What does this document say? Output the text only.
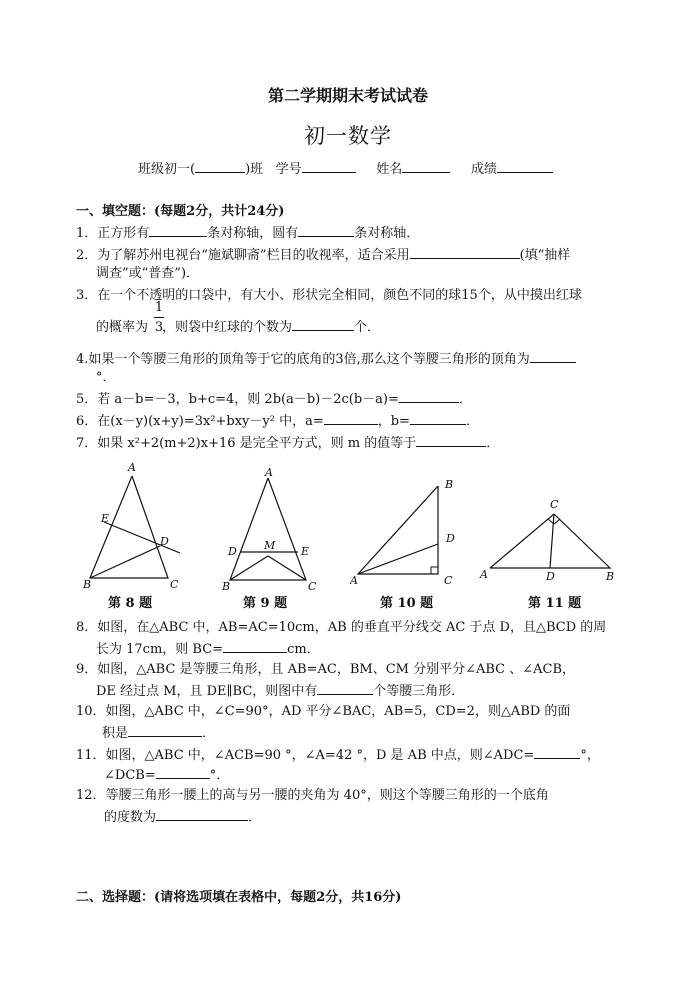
第二学期期末考试试卷
初一数学
班级初一(	)班 学号	姓名	成绩
一、填空题：(每题2分，共计24分)
1．正方形有	条对称轴，圆有	条对称轴．
2．为了解苏州电视台“施斌聊斋”栏目的收视率，适合采用	(填“抽样
调查”或“普查”)．
3．在一个不透明的口袋中，有大小、形状完全相同，颜色不同的球15个，从中摸出红球
的概率为 ，则袋中红球的个数为	个．
1
3
4.如果一个等腰三角形的顶角等于它的底角的3倍,那么这个等腰三角形的顶角为
°．
5．若 a－b=－3，b+c=4，则 2b(a－b)－2c(b－a)=	．
6．在(x－y)(x+y)=3x²+bxy－y² 中，a=	，b=	．
7．如果 x²+2(m+2)x+16 是完全平方式，则 m 的值等于	．
A
E
D
B	C
第 8 题
A
D M E
B	C
第 9 题
B
D
A	C
第 10 题
C
A	D	B
第 11 题
8．如图，在△ABC 中，AB=AC=10cm，AB 的垂直平分线交 AC 于点 D，且△BCD 的周
长为 17cm，则 BC=	cm．
9．如图，△ABC 是等腰三角形，且 AB=AC，BM、CM 分别平分∠ABC 、∠ACB，
DE 经过点 M，且 DE∥BC，则图中有	个等腰三角形．
10．如图，△ABC 中，∠C=90°，AD 平分∠BAC，AB=5，CD=2，则△ABD 的面
积是	．
11．如图，△ABC 中，∠ACB=90 °，∠A=42 °，D 是 AB 中点，则∠ADC=	°，
∠DCB=	°．
12．等腰三角形一腰上的高与另一腰的夹角为 40°，则这个等腰三角形的一个底角
的度数为	．
二、选择题：(请将选项填在表格中，每题2分，共16分)
